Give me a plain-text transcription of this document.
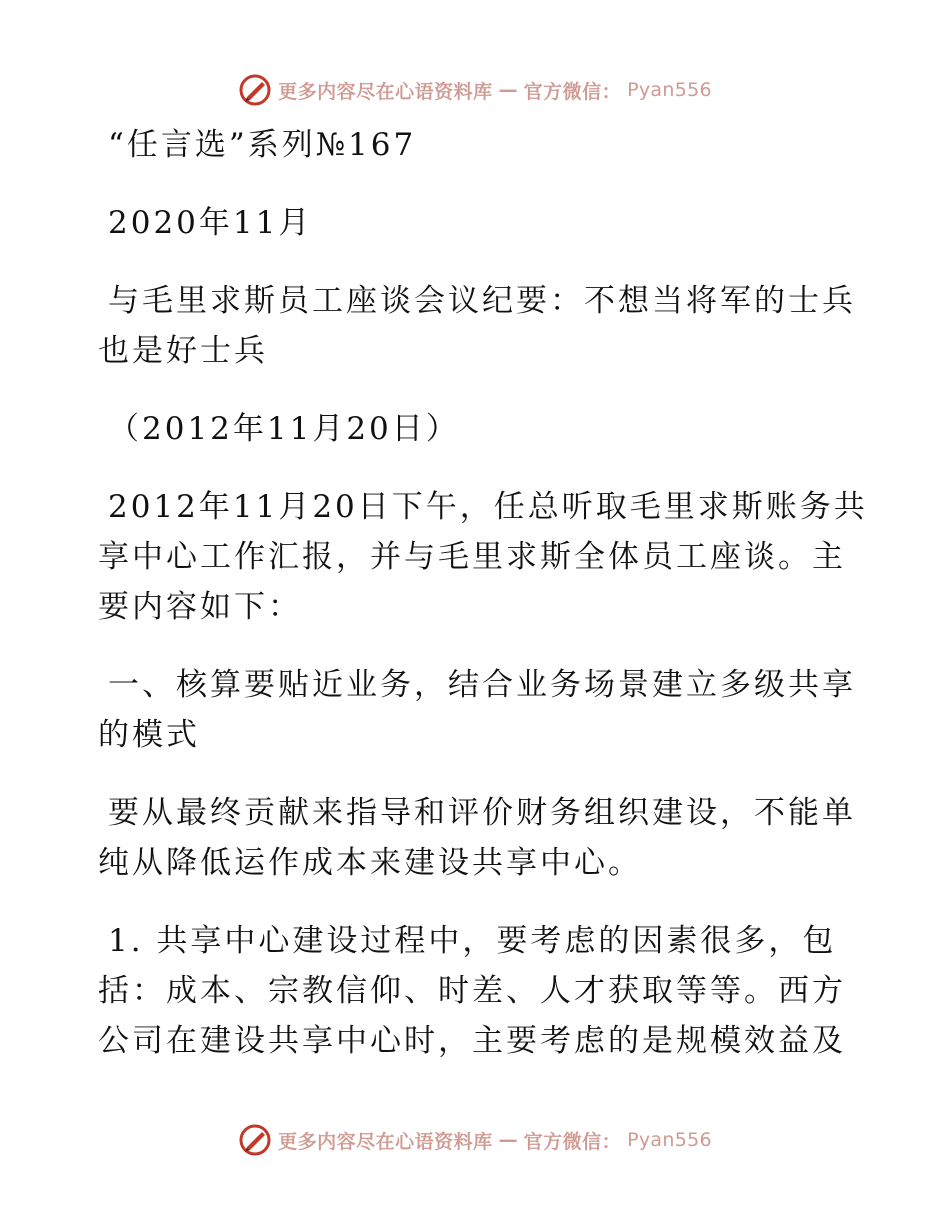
更多内容尽在心语资料库 — 官方微信： Pyan556

“任言选”系列№167

2020年11月

与毛里求斯员工座谈会议纪要：不想当将军的士兵也是好士兵

（2012年11月20日）

2012年11月20日下午，任总听取毛里求斯账务共享中心工作汇报，并与毛里求斯全体员工座谈。主要内容如下：

一、核算要贴近业务，结合业务场景建立多级共享的模式

要从最终贡献来指导和评价财务组织建设，不能单纯从降低运作成本来建设共享中心。

1. 共享中心建设过程中，要考虑的因素很多，包括：成本、宗教信仰、时差、人才获取等等。西方公司在建设共享中心时，主要考虑的是规模效益及

更多内容尽在心语资料库 — 官方微信： Pyan556
